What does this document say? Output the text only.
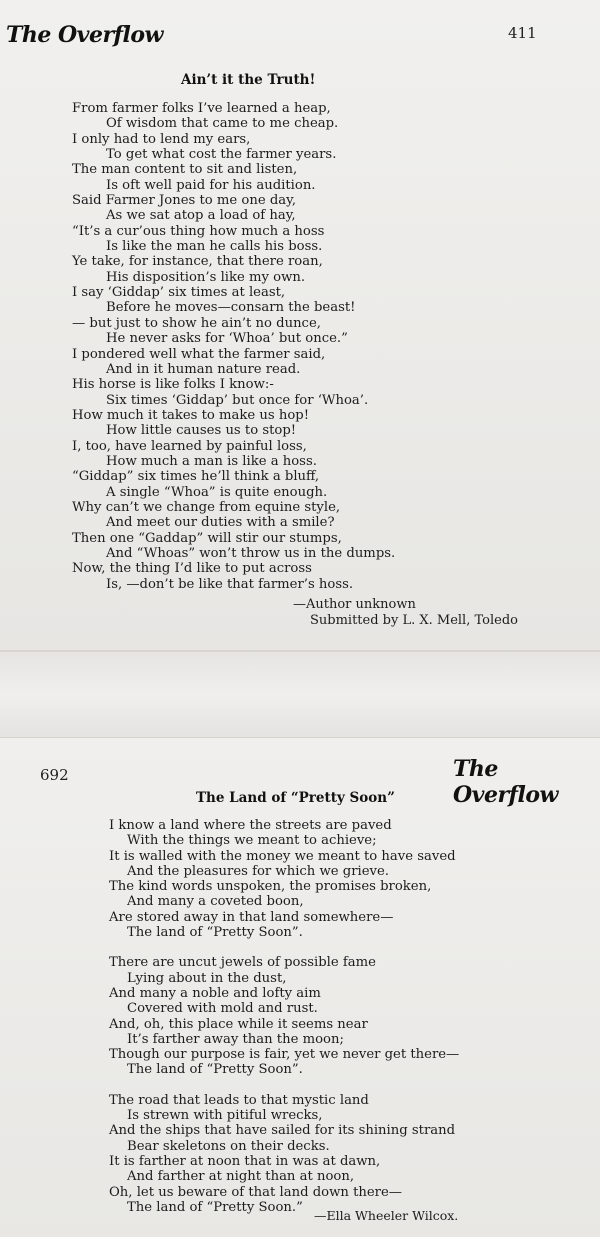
The Overflow	411
Ain’t it the Truth!
From farmer folks I’ve learned a heap,
Of wisdom that came to me cheap.
I only had to lend my ears,
To get what cost the farmer years.
The man content to sit and listen,
Is oft well paid for his audition.
Said Farmer Jones to me one day,
As we sat atop a load of hay,
“It’s a cur’ous thing how much a hoss
Is like the man he calls his boss.
Ye take, for instance, that there roan,
His disposition’s like my own.
I say ‘Giddap’ six times at least,
Before he moves—consarn the beast!
— but just to show he ain’t no dunce,
He never asks for ‘Whoa’ but once.”
I pondered well what the farmer said,
And in it human nature read.
His horse is like folks I know:-
Six times ‘Giddap’ but once for ‘Whoa’.
How much it takes to make us hop!
How little causes us to stop!
I, too, have learned by painful loss,
How much a man is like a hoss.
“Giddap” six times he’ll think a bluff,
A single “Whoa” is quite enough.
Why can’t we change from equine style,
And meet our duties with a smile?
Then one “Gaddap” will stir our stumps,
And “Whoas” won’t throw us in the dumps.
Now, the thing I’d like to put across
Is, —don’t be like that farmer’s hoss.
—Author unknown
Submitted by L. X. Mell, Toledo
692	The Overflow
The Land of “Pretty Soon”
I know a land where the streets are paved
With the things we meant to achieve;
It is walled with the money we meant to have saved
And the pleasures for which we grieve.
The kind words unspoken, the promises broken,
And many a coveted boon,
Are stored away in that land somewhere—
The land of “Pretty Soon”.
There are uncut jewels of possible fame
Lying about in the dust,
And many a noble and lofty aim
Covered with mold and rust.
And, oh, this place while it seems near
It’s farther away than the moon;
Though our purpose is fair, yet we never get there—
The land of “Pretty Soon”.
The road that leads to that mystic land
Is strewn with pitiful wrecks,
And the ships that have sailed for its shining strand
Bear skeletons on their decks.
It is farther at noon that in was at dawn,
And farther at night than at noon,
Oh, let us beware of that land down there—
The land of “Pretty Soon.”
—Ella Wheeler Wilcox.
